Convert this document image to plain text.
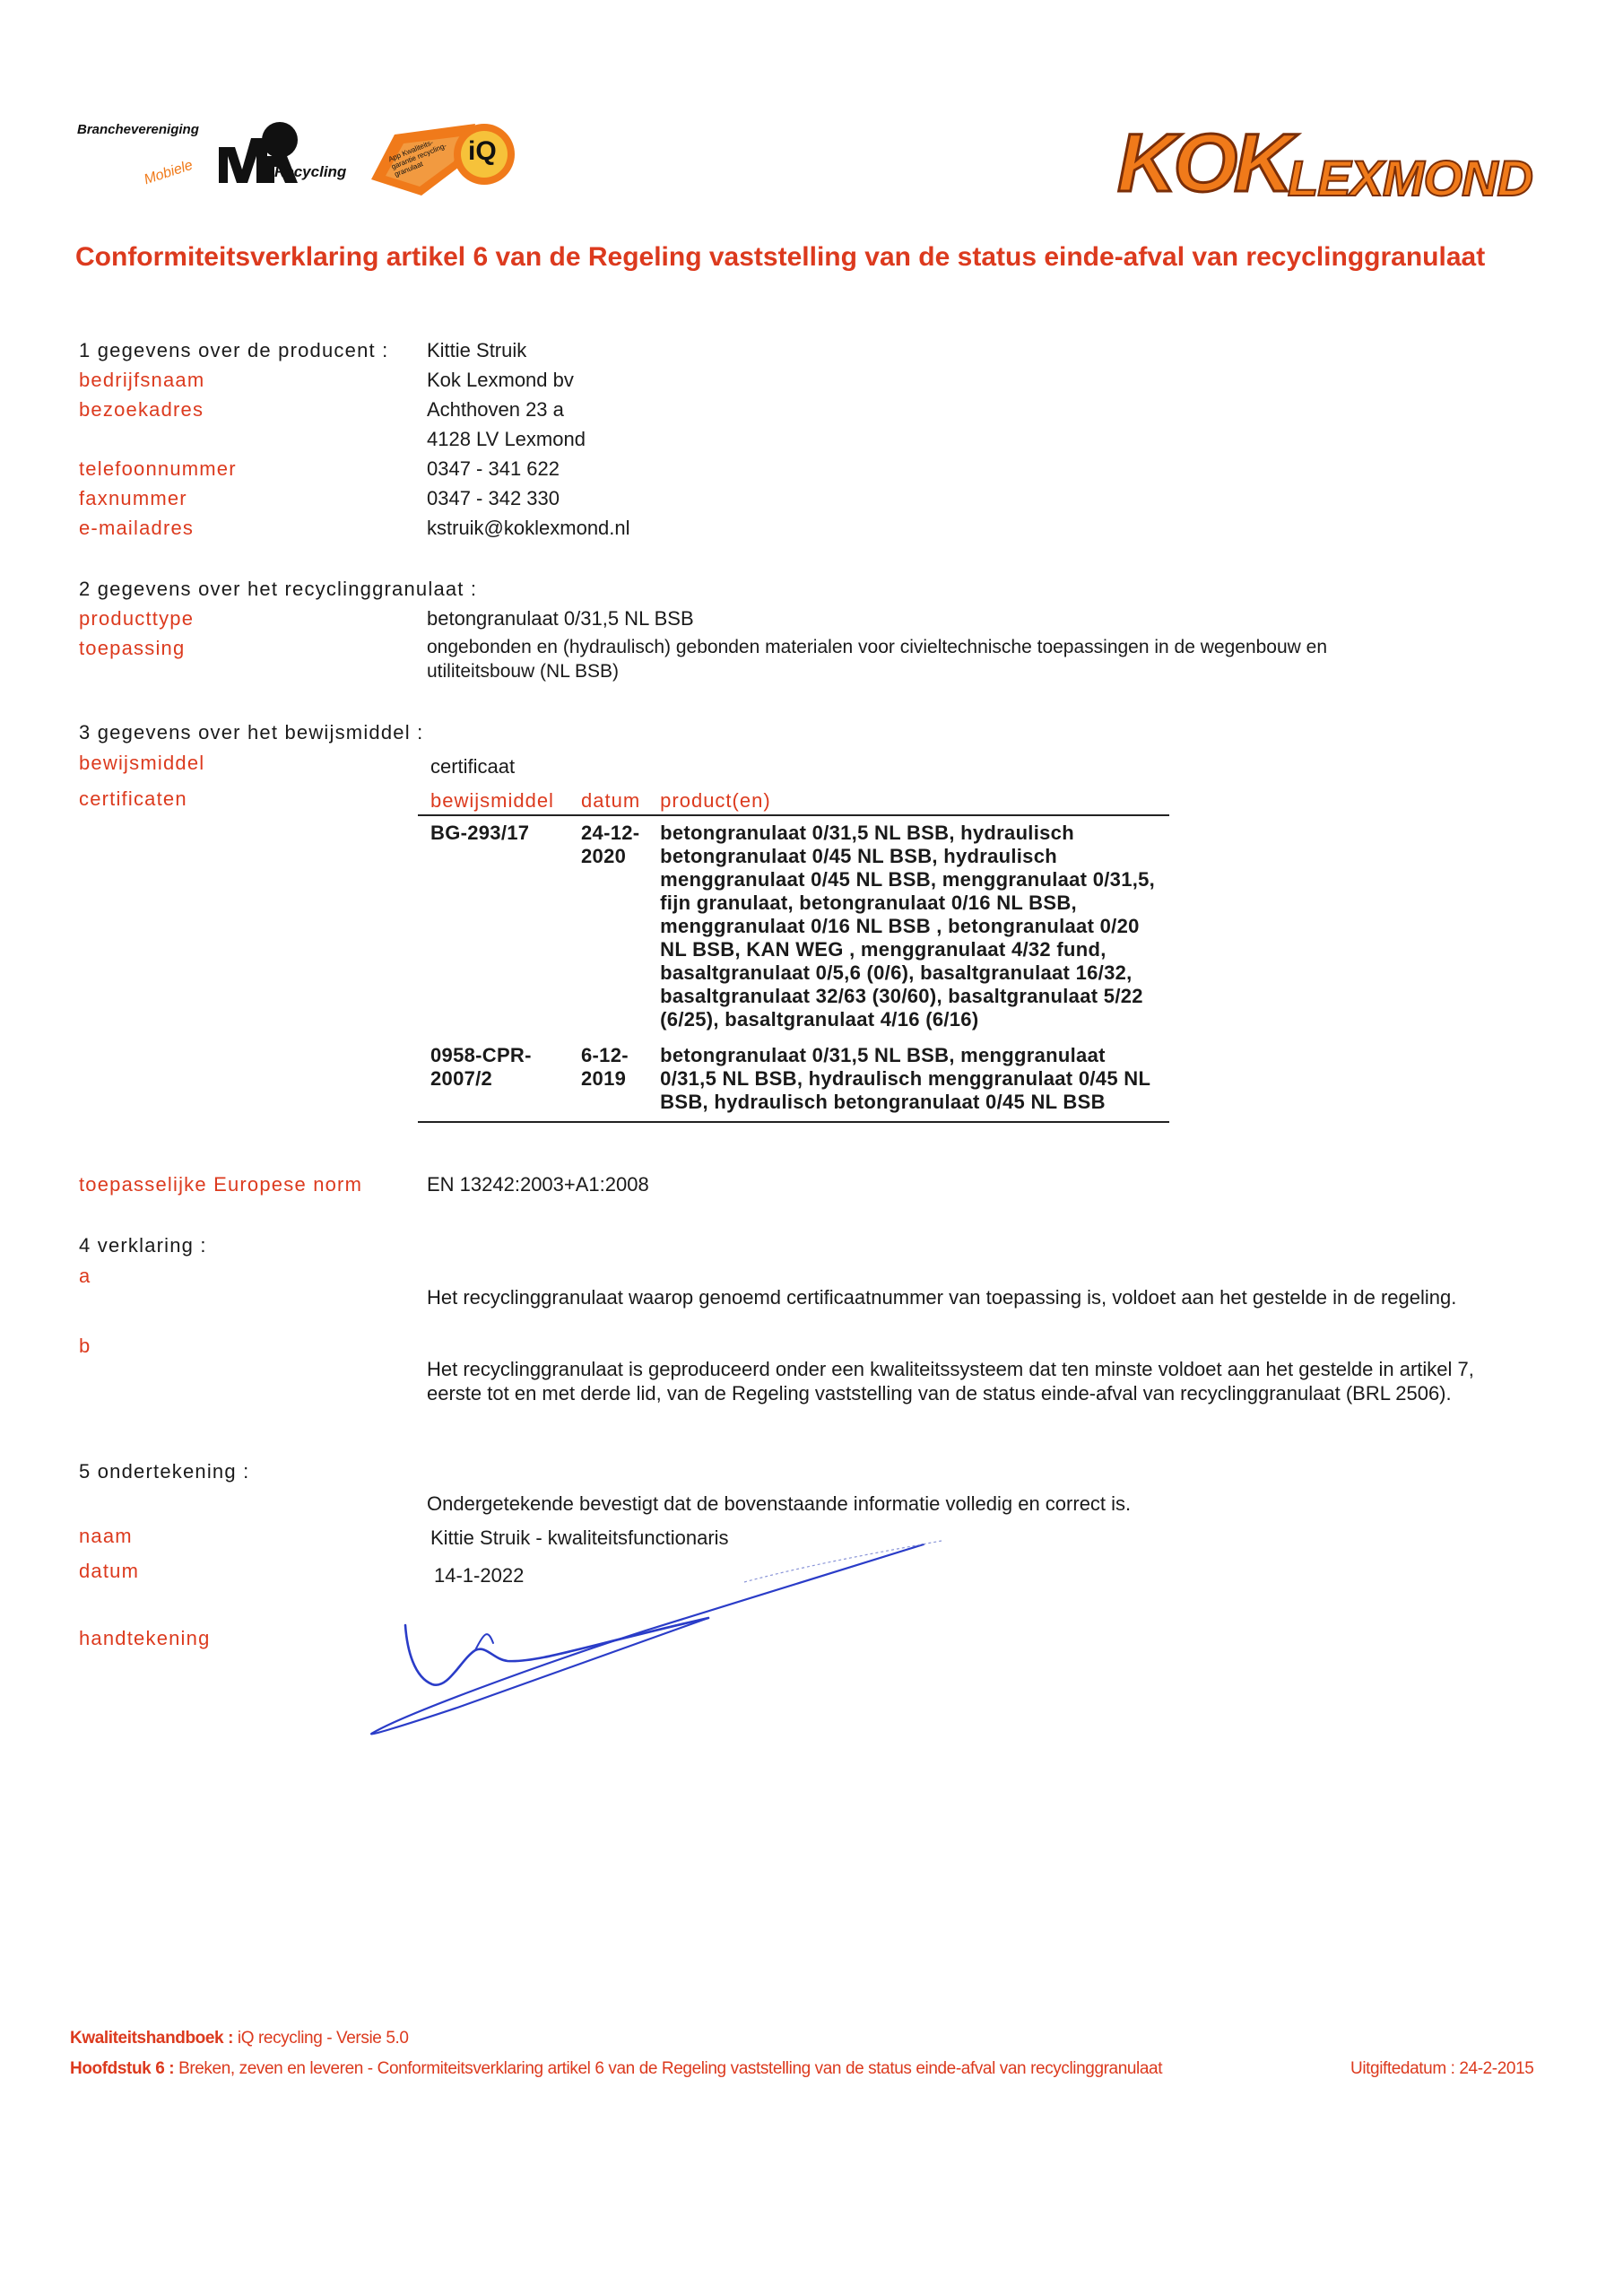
Branchevereniging
Mobiele	Recycling
iQ
App Kwaliteits-garantie recycling-granulaat	KOK
LEXMOND
Conformiteitsverklaring artikel 6 van de Regeling vaststelling van de status einde-afval van recyclinggranulaat
1 gegevens over de producent : Kittie Struik
bedrijfsnaam	Kok Lexmond bv
bezoekadres	Achthoven 23 a
4128 LV Lexmond
telefoonnummer	0347 - 341 622
faxnummer	0347 - 342 330
e-mailadres	kstruik@koklexmond.nl
2 gegevens over het recyclinggranulaat :
producttype	betongranulaat 0/31,5 NL BSB
toepassing	ongebonden en (hydraulisch) gebonden materialen voor civieltechnische toepassingen in de wegenbouw en
utiliteitsbouw (NL BSB)
3 gegevens over het bewijsmiddel :
bewijsmiddel	certificaat
certificaten	bewijsmiddel	datum	product(en)
BG-293/17	24-12-2020	betongranulaat 0/31,5 NL BSB, hydraulisch betongranulaat 0/45 NL BSB, hydraulisch menggranulaat 0/45 NL BSB, menggranulaat 0/31,5, fijn granulaat, betongranulaat 0/16 NL BSB, menggranulaat 0/16 NL BSB , betongranulaat 0/20 NL BSB, KAN WEG , menggranulaat 4/32 fund, basaltgranulaat 0/5,6 (0/6), basaltgranulaat 16/32, basaltgranulaat 32/63 (30/60), basaltgranulaat 5/22 (6/25), basaltgranulaat 4/16 (6/16)
0958-CPR-2007/2	6-12-2019	betongranulaat 0/31,5 NL BSB, menggranulaat 0/31,5 NL BSB, hydraulisch menggranulaat 0/45 NL BSB, hydraulisch betongranulaat 0/45 NL BSB
toepasselijke Europese norm	EN 13242:2003+A1:2008
4 verklaring :
a
Het recyclinggranulaat waarop genoemd certificaatnummer van toepassing is, voldoet aan het gestelde in de regeling.
b
Het recyclinggranulaat is geproduceerd onder een kwaliteitssysteem dat ten minste voldoet aan het gestelde in artikel 7,
eerste tot en met derde lid, van de Regeling vaststelling van de status einde-afval van recyclinggranulaat (BRL 2506).
5 ondertekening :
Ondergetekende bevestigt dat de bovenstaande informatie volledig en correct is.
naam	Kittie Struik - kwaliteitsfunctionaris
datum	14-1-2022
handtekening
Kwaliteitshandboek : iQ recycling - Versie 5.0
Hoofdstuk 6 : Breken, zeven en leveren - Conformiteitsverklaring artikel 6 van de Regeling vaststelling van de status einde-afval van recyclinggranulaat	Uitgiftedatum : 24-2-2015
